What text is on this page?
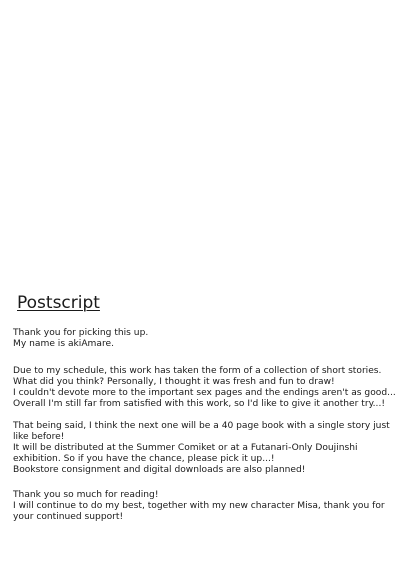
Postscript
Thank you for picking this up.
My name is akiAmare.
Due to my schedule, this work has taken the form of a collection of short stories.
What did you think? Personally, I thought it was fresh and fun to draw!
I couldn't devote more to the important sex pages and the endings aren't as good...
Overall I'm still far from satisfied with this work, so I'd like to give it another try...!
That being said, I think the next one will be a 40 page book with a single story just
like before!
It will be distributed at the Summer Comiket or at a Futanari-Only Doujinshi
exhibition. So if you have the chance, please pick it up...!
Bookstore consignment and digital downloads are also planned!
Thank you so much for reading!
I will continue to do my best, together with my new character Misa, thank you for
your continued support!
